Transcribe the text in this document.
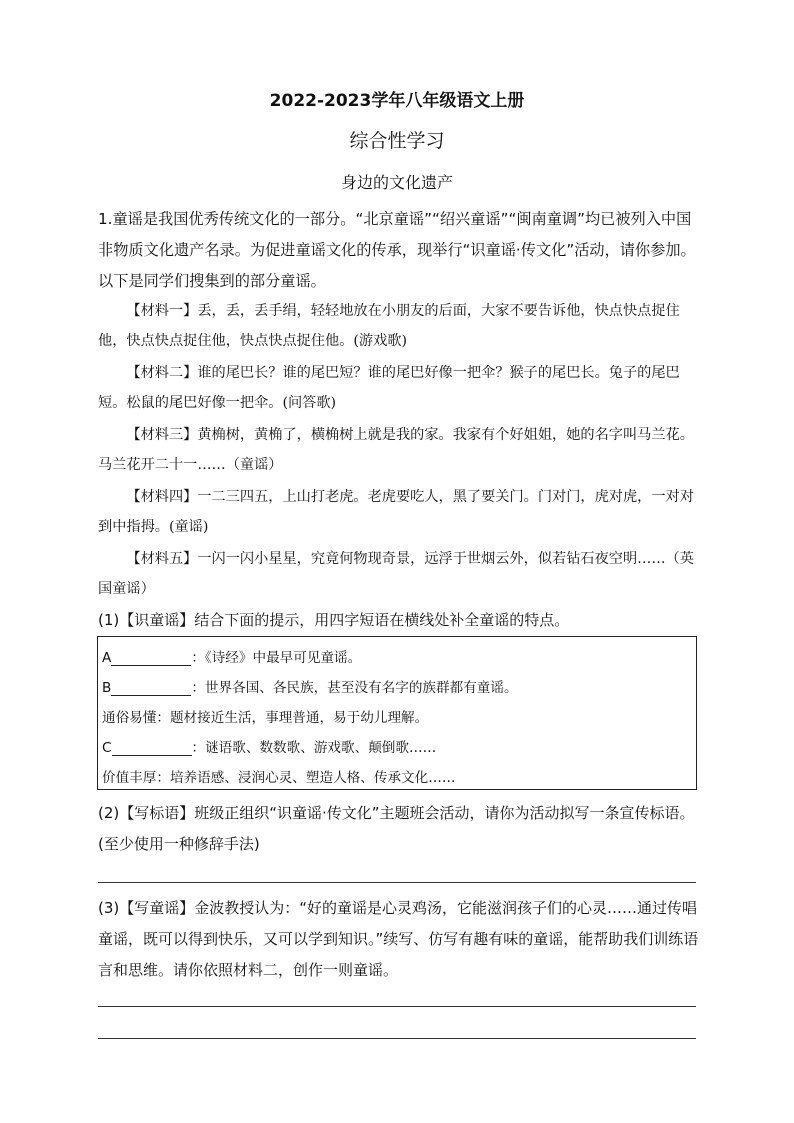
2022-2023学年八年级语文上册
综合性学习
身边的文化遗产
1.童谣是我国优秀传统文化的一部分。“北京童谣”“绍兴童谣”“闽南童调”均已被列入中国非物质文化遗产名录。为促进童谣文化的传承，现举行“识童谣·传文化”活动，请你参加。以下是同学们搜集到的部分童谣。
【材料一】丢，丢，丢手绢，轻轻地放在小朋友的后面，大家不要告诉他，快点快点捉住他，快点快点捉住他，快点快点捉住他。(游戏歌)
【材料二】谁的尾巴长？谁的尾巴短？谁的尾巴好像一把伞？猴子的尾巴长。兔子的尾巴短。松鼠的尾巴好像一把伞。(问答歌)
【材料三】黄桷树，黄桷了，横桷树上就是我的家。我家有个好姐姐，她的名字叫马兰花。马兰花开二十一……（童谣）
【材料四】一二三四五，上山打老虎。老虎要吃人，黑了要关门。门对门，虎对虎，一对对到中指拇。(童谣)
【材料五】一闪一闪小星星，究竟何物现奇景，远浮于世烟云外，似若钻石夜空明……（英国童谣）
(1)【识童谣】结合下面的提示，用四字短语在横线处补全童谣的特点。
A	：《诗经》中最早可见童谣。
B	：世界各国、各民族，甚至没有名字的族群都有童谣。
通俗易懂：题材接近生活，事理普通，易于幼儿理解。
C	：谜语歌、数数歌、游戏歌、颠倒歌……
价值丰厚：培养语感、浸润心灵、塑造人格、传承文化……
(2)【写标语】班级正组织“识童谣·传文化”主题班会活动，请你为活动拟写一条宣传标语。(至少使用一种修辞手法)
(3)【写童谣】金波教授认为：“好的童谣是心灵鸡汤，它能滋润孩子们的心灵……通过传唱童谣，既可以得到快乐，又可以学到知识。”续写、仿写有趣有味的童谣，能帮助我们训练语言和思维。请你依照材料二，创作一则童谣。
